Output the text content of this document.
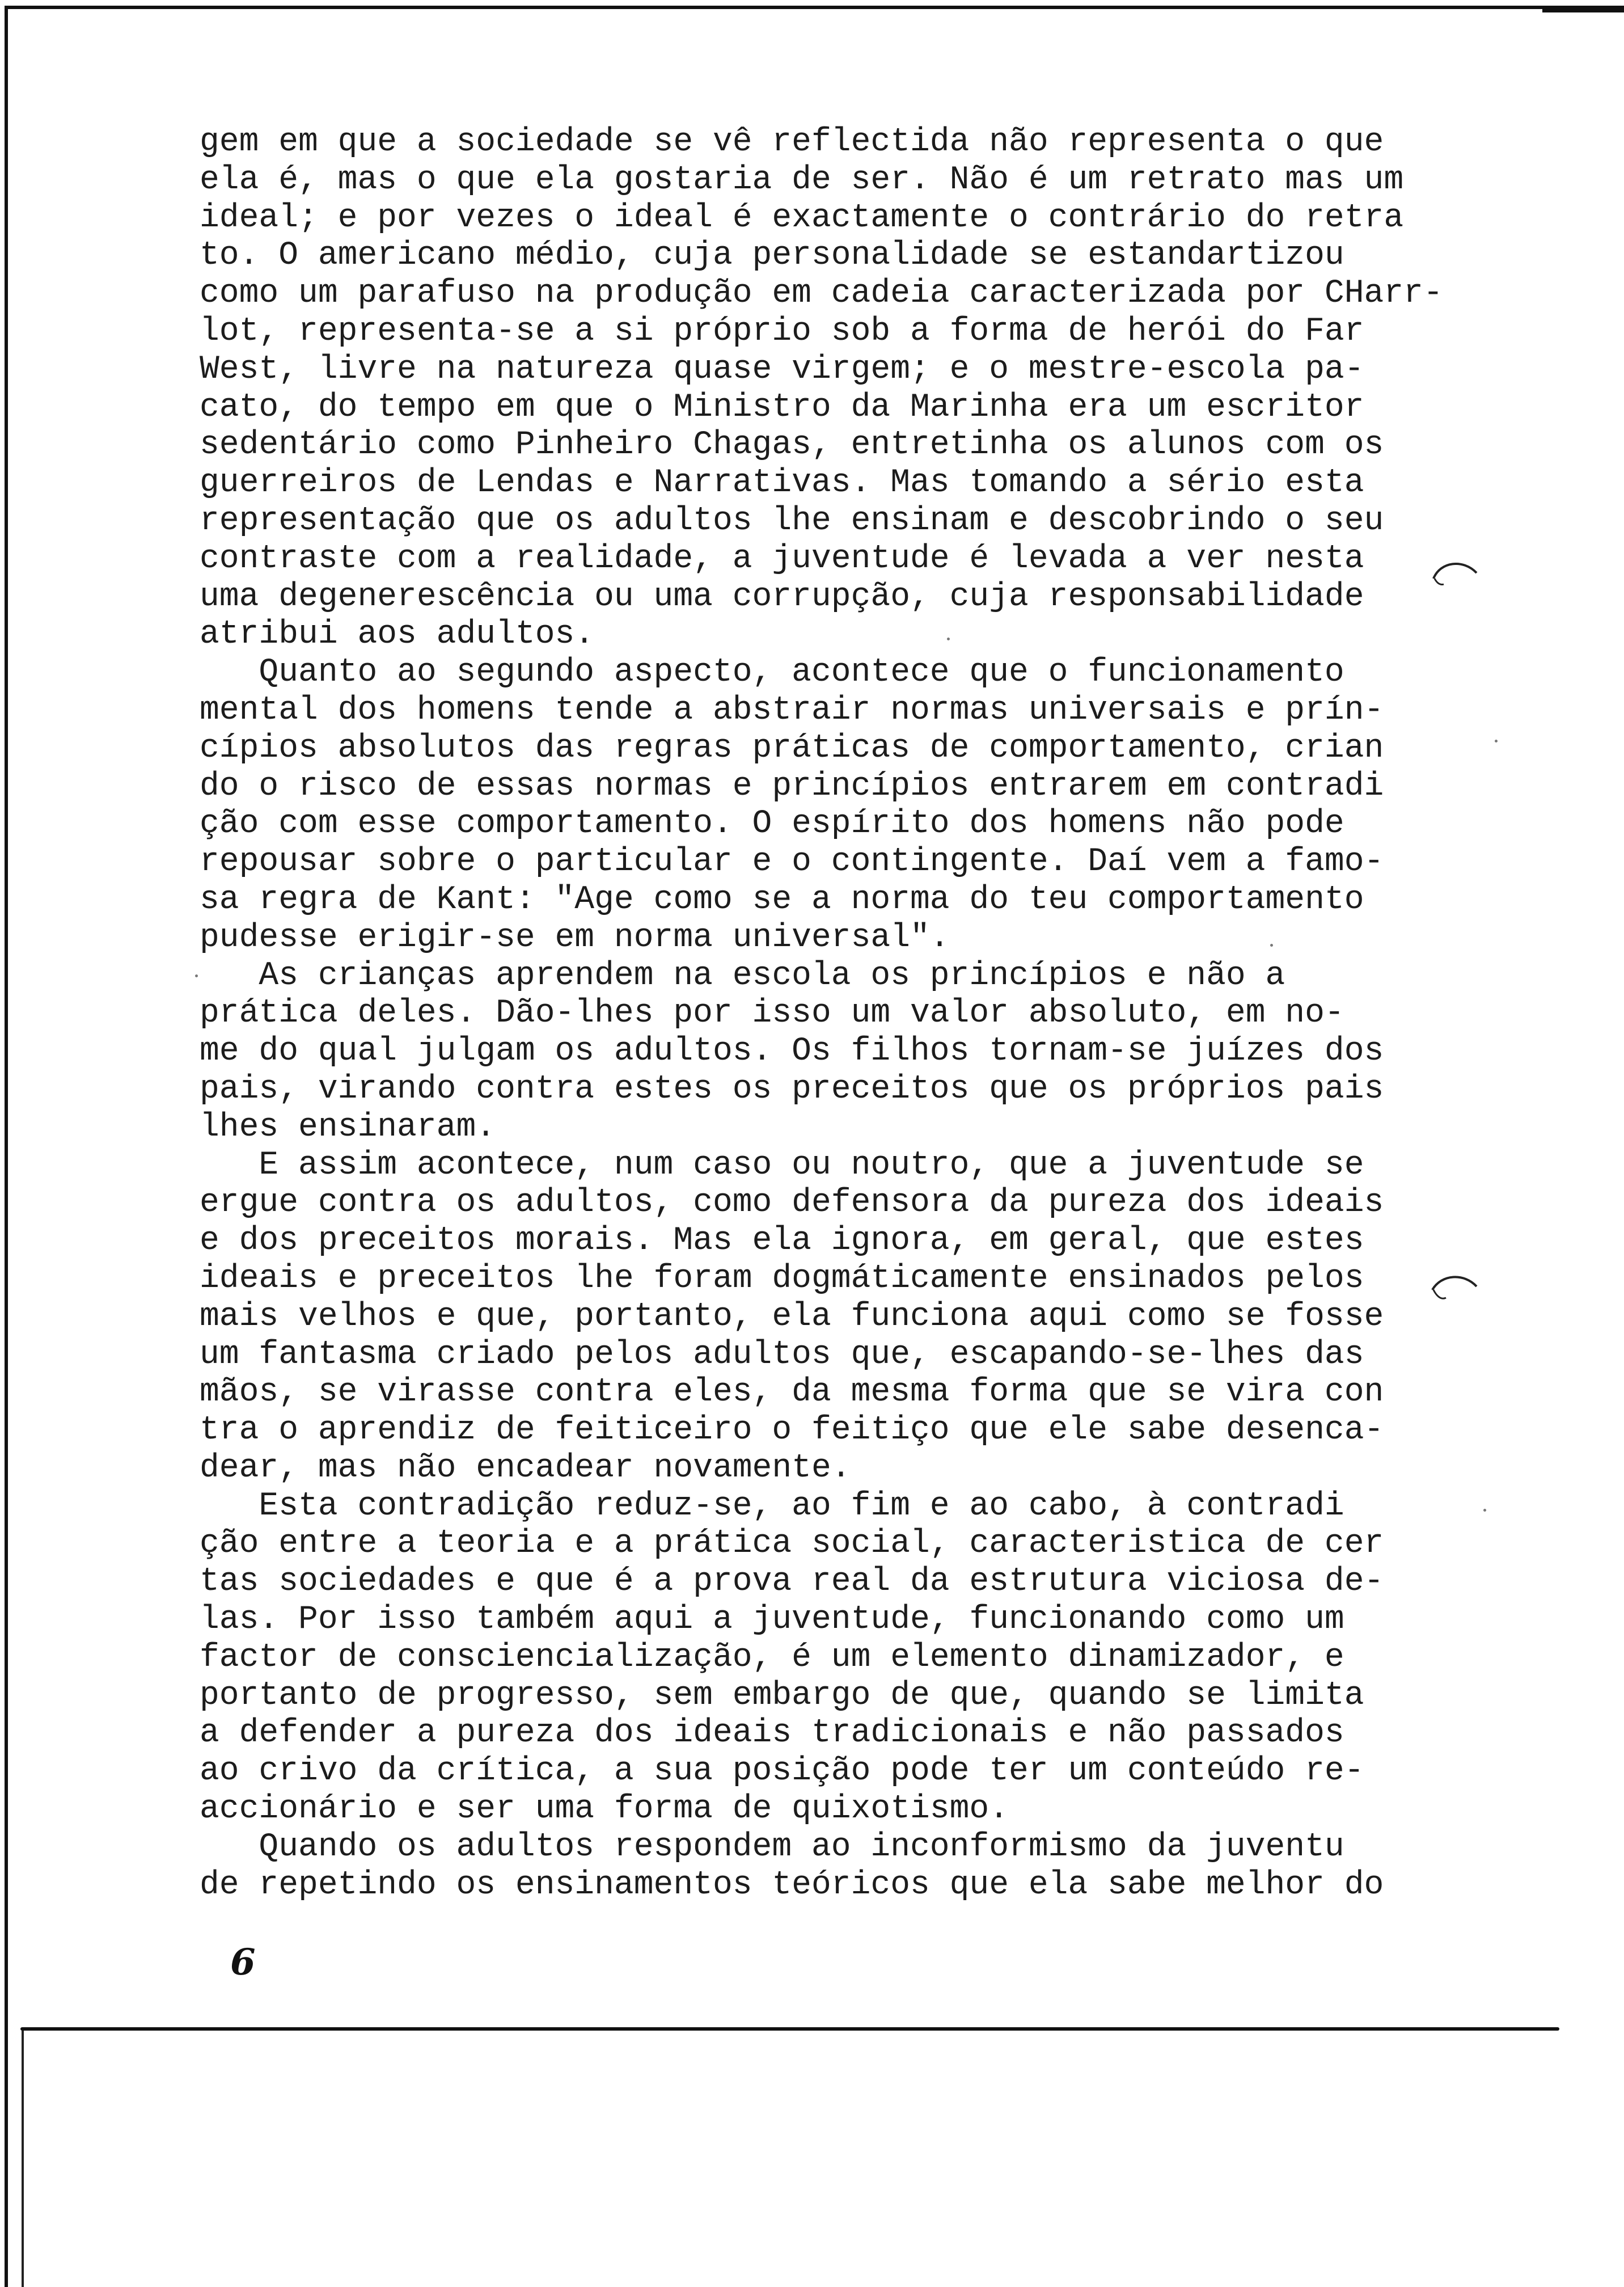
gem em que a sociedade se vê reflectida não representa o que
ela é, mas o que ela gostaria de ser. Não é um retrato mas um
ideal; e por vezes o ideal é exactamente o contrário do retra
to. O americano médio, cuja personalidade se estandartizou
como um parafuso na produção em cadeia caracterizada por CHarr-
lot, representa-se a si próprio sob a forma de herói do Far
West, livre na natureza quase virgem; e o mestre-escola pa-
cato, do tempo em que o Ministro da Marinha era um escritor
sedentário como Pinheiro Chagas, entretinha os alunos com os
guerreiros de Lendas e Narrativas. Mas tomando a sério esta
representação que os adultos lhe ensinam e descobrindo o seu
contraste com a realidade, a juventude é levada a ver nesta
uma degenerescência ou uma corrupção, cuja responsabilidade
atribui aos adultos.
Quanto ao segundo aspecto, acontece que o funcionamento
mental dos homens tende a abstrair normas universais e prín-
cípios absolutos das regras práticas de comportamento, crian
do o risco de essas normas e princípios entrarem em contradi
ção com esse comportamento. O espírito dos homens não pode
repousar sobre o particular e o contingente. Daí vem a famo-
sa regra de Kant: "Age como se a norma do teu comportamento
pudesse erigir-se em norma universal".
As crianças aprendem na escola os princípios e não a
prática deles. Dão-lhes por isso um valor absoluto, em no-
me do qual julgam os adultos. Os filhos tornam-se juízes dos
pais, virando contra estes os preceitos que os próprios pais
lhes ensinaram.
E assim acontece, num caso ou noutro, que a juventude se
ergue contra os adultos, como defensora da pureza dos ideais
e dos preceitos morais. Mas ela ignora, em geral, que estes
ideais e preceitos lhe foram dogmáticamente ensinados pelos
mais velhos e que, portanto, ela funciona aqui como se fosse
um fantasma criado pelos adultos que, escapando-se-lhes das
mãos, se virasse contra eles, da mesma forma que se vira con
tra o aprendiz de feiticeiro o feitiço que ele sabe desenca-
dear, mas não encadear novamente.
Esta contradição reduz-se, ao fim e ao cabo, à contradi
ção entre a teoria e a prática social, caracteristica de cer
tas sociedades e que é a prova real da estrutura viciosa de-
las. Por isso também aqui a juventude, funcionando como um
factor de consciencialização, é um elemento dinamizador, e
portanto de progresso, sem embargo de que, quando se limita
a defender a pureza dos ideais tradicionais e não passados
ao crivo da crítica, a sua posição pode ter um conteúdo re-
accionário e ser uma forma de quixotismo.
Quando os adultos respondem ao inconformismo da juventu
de repetindo os ensinamentos teóricos que ela sabe melhor do
6
